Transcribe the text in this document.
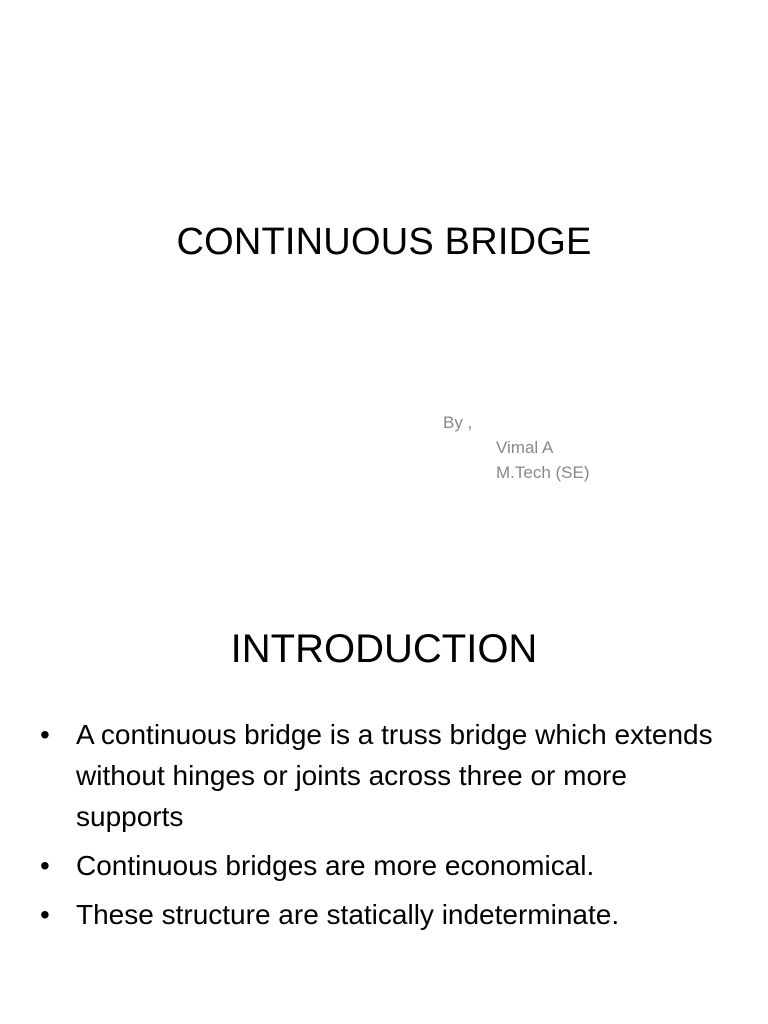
CONTINUOUS BRIDGE
By ,
Vimal A
M.Tech (SE)
INTRODUCTION
• A continuous bridge is a truss bridge which extends without hinges or joints across three or more supports
• Continuous bridges are more economical.
• These structure are statically indeterminate.
